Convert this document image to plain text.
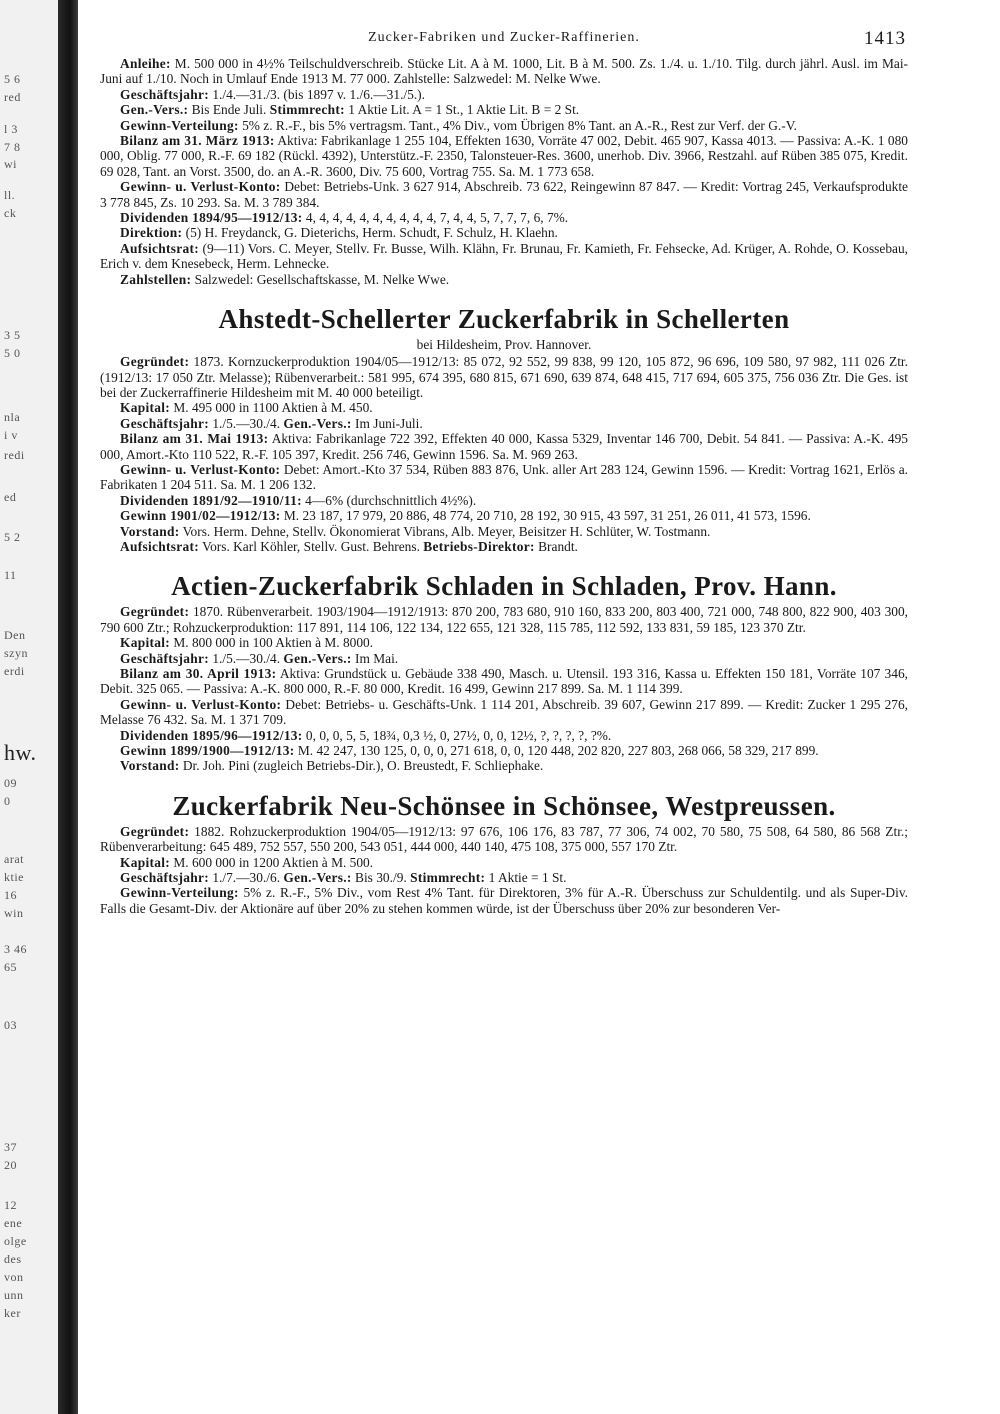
5 6
red
l 3
7 8
wi
ll.
ck
3 5
5 0
nla
i v
redi
ed
5 2
11
Den
szyn
erdi
hw.
09
0
arat
ktie
16
win
3 46
65
03
37
20
12
ene
olge
des
von
unn
ker
Zucker-Fabriken und Zucker-Raffinerien.	1413

Anleihe: M. 500 000 in 4½% Teilschuldverschreib. Stücke Lit. A à M. 1000, Lit. B à M. 500. Zs. 1./4. u. 1./10. Tilg. durch jährl. Ausl. im Mai-Juni auf 1./10. Noch in Umlauf Ende 1913 M. 77 000. Zahlstelle: Salzwedel: M. Nelke Wwe.

Geschäftsjahr: 1./4.—31./3. (bis 1897 v. 1./6.—31./5.).

Gen.-Vers.: Bis Ende Juli. Stimmrecht: 1 Aktie Lit. A = 1 St., 1 Aktie Lit. B = 2 St.

Gewinn-Verteilung: 5% z. R.-F., bis 5% vertragsm. Tant., 4% Div., vom Übrigen 8% Tant. an A.-R., Rest zur Verf. der G.-V.

Bilanz am 31. März 1913: Aktiva: Fabrikanlage 1 255 104, Effekten 1630, Vorräte 47 002, Debit. 465 907, Kassa 4013. — Passiva: A.-K. 1 080 000, Oblig. 77 000, R.-F. 69 182 (Rückl. 4392), Unterstütz.-F. 2350, Talonsteuer-Res. 3600, unerhob. Div. 3966, Restzahl. auf Rüben 385 075, Kredit. 69 028, Tant. an Vorst. 3500, do. an A.-R. 3600, Div. 75 600, Vortrag 755. Sa. M. 1 773 658.

Gewinn- u. Verlust-Konto: Debet: Betriebs-Unk. 3 627 914, Abschreib. 73 622, Reingewinn 87 847. — Kredit: Vortrag 245, Verkaufsprodukte 3 778 845, Zs. 10 293. Sa. M. 3 789 384.

Dividenden 1894/95—1912/13: 4, 4, 4, 4, 4, 4, 4, 4, 4, 4, 7, 4, 4, 5, 7, 7, 7, 6, 7%.

Direktion: (5) H. Freydanck, G. Dieterichs, Herm. Schudt, F. Schulz, H. Klaehn.

Aufsichtsrat: (9—11) Vors. C. Meyer, Stellv. Fr. Busse, Wilh. Klähn, Fr. Brunau, Fr. Kamieth, Fr. Fehsecke, Ad. Krüger, A. Rohde, O. Kossebau, Erich v. dem Knesebeck, Herm. Lehnecke.

Zahlstellen: Salzwedel: Gesellschaftskasse, M. Nelke Wwe.

Ahstedt-Schellerter Zuckerfabrik in Schellerten
bei Hildesheim, Prov. Hannover.

Gegründet: 1873. Kornzuckerproduktion 1904/05—1912/13: 85 072, 92 552, 99 838, 99 120, 105 872, 96 696, 109 580, 97 982, 111 026 Ztr. (1912/13: 17 050 Ztr. Melasse); Rübenverarbeit.: 581 995, 674 395, 680 815, 671 690, 639 874, 648 415, 717 694, 605 375, 756 036 Ztr. Die Ges. ist bei der Zuckerraffinerie Hildesheim mit M. 40 000 beteiligt.

Kapital: M. 495 000 in 1100 Aktien à M. 450.

Geschäftsjahr: 1./5.—30./4. Gen.-Vers.: Im Juni-Juli.

Bilanz am 31. Mai 1913: Aktiva: Fabrikanlage 722 392, Effekten 40 000, Kassa 5329, Inventar 146 700, Debit. 54 841. — Passiva: A.-K. 495 000, Amort.-Kto 110 522, R.-F. 105 397, Kredit. 256 746, Gewinn 1596. Sa. M. 969 263.

Gewinn- u. Verlust-Konto: Debet: Amort.-Kto 37 534, Rüben 883 876, Unk. aller Art 283 124, Gewinn 1596. — Kredit: Vortrag 1621, Erlös a. Fabrikaten 1 204 511. Sa. M. 1 206 132.

Dividenden 1891/92—1910/11: 4—6% (durchschnittlich 4½%).

Gewinn 1901/02—1912/13: M. 23 187, 17 979, 20 886, 48 774, 20 710, 28 192, 30 915, 43 597, 31 251, 26 011, 41 573, 1596.

Vorstand: Vors. Herm. Dehne, Stellv. Ökonomierat Vibrans, Alb. Meyer, Beisitzer H. Schlüter, W. Tostmann.

Aufsichtsrat: Vors. Karl Köhler, Stellv. Gust. Behrens. Betriebs-Direktor: Brandt.

Actien-Zuckerfabrik Schladen in Schladen, Prov. Hann.

Gegründet: 1870. Rübenverarbeit. 1903/1904—1912/1913: 870 200, 783 680, 910 160, 833 200, 803 400, 721 000, 748 800, 822 900, 403 300, 790 600 Ztr.; Rohzuckerproduktion: 117 891, 114 106, 122 134, 122 655, 121 328, 115 785, 112 592, 133 831, 59 185, 123 370 Ztr.

Kapital: M. 800 000 in 100 Aktien à M. 8000.

Geschäftsjahr: 1./5.—30./4. Gen.-Vers.: Im Mai.

Bilanz am 30. April 1913: Aktiva: Grundstück u. Gebäude 338 490, Masch. u. Utensil. 193 316, Kassa u. Effekten 150 181, Vorräte 107 346, Debit. 325 065. — Passiva: A.-K. 800 000, R.-F. 80 000, Kredit. 16 499, Gewinn 217 899. Sa. M. 1 114 399.

Gewinn- u. Verlust-Konto: Debet: Betriebs- u. Geschäfts-Unk. 1 114 201, Abschreib. 39 607, Gewinn 217 899. — Kredit: Zucker 1 295 276, Melasse 76 432. Sa. M. 1 371 709.

Dividenden 1895/96—1912/13: 0, 0, 0, 5, 5, 18¾, 0,3 ½, 0, 27½, 0, 0, 12½, ?, ?, ?, ?, ?%.

Gewinn 1899/1900—1912/13: M. 42 247, 130 125, 0, 0, 0, 271 618, 0, 0, 120 448, 202 820, 227 803, 268 066, 58 329, 217 899.

Vorstand: Dr. Joh. Pini (zugleich Betriebs-Dir.), O. Breustedt, F. Schliephake.

Zuckerfabrik Neu-Schönsee in Schönsee, Westpreussen.

Gegründet: 1882. Rohzuckerproduktion 1904/05—1912/13: 97 676, 106 176, 83 787, 77 306, 74 002, 70 580, 75 508, 64 580, 86 568 Ztr.; Rübenverarbeitung: 645 489, 752 557, 550 200, 543 051, 444 000, 440 140, 475 108, 375 000, 557 170 Ztr.

Kapital: M. 600 000 in 1200 Aktien à M. 500.

Geschäftsjahr: 1./7.—30./6. Gen.-Vers.: Bis 30./9. Stimmrecht: 1 Aktie = 1 St.

Gewinn-Verteilung: 5% z. R.-F., 5% Div., vom Rest 4% Tant. für Direktoren, 3% für A.-R. Überschuss zur Schuldentilg. und als Super-Div. Falls die Gesamt-Div. der Aktionäre auf über 20% zu stehen kommen würde, ist der Überschuss über 20% zur besonderen Ver-
